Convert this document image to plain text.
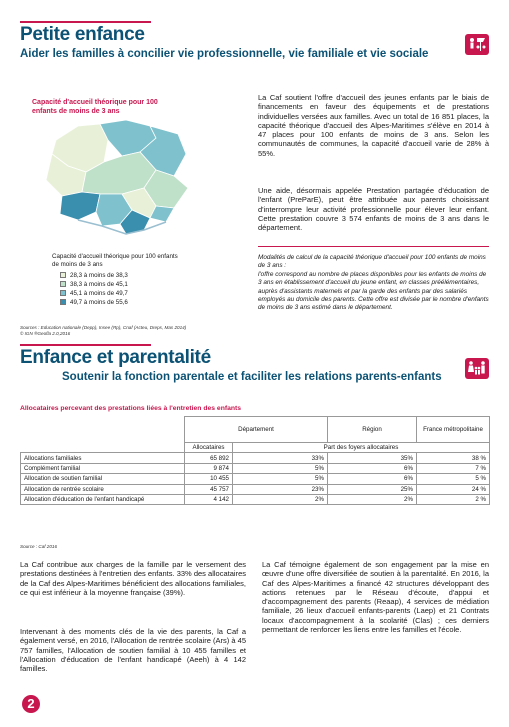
Petite enfance
Aider les familles à concilier vie professionnelle, vie familiale et vie sociale
Capacité d'accueil théorique pour 100 enfants de moins de 3 ans
Capacité d'accueil théorique pour 100 enfants de moins de 3 ans
28,3 à moins de 38,3
38,3 à moins de 45,1
45,1 à moins de 49,7
49,7 à moins de 55,6
Sources : Education nationale (Depp), Insee (Rp), Cnaf (Acteu, Dreps, Mas 2014)
© IGN ®Geofla 2.0,2016
La Caf soutient l'offre d'accueil des jeunes enfants par le biais de financements en faveur des équipements et de prestations individuelles versées aux familles. Avec un total de 16 851 places, la capacité théorique d'accueil des Alpes-Maritimes s'élève en 2014 à 47 places pour 100 enfants de moins de 3 ans. Selon les communautés de communes, la capacité d'accueil varie de 28% à 55%.
Une aide, désormais appelée Prestation partagée d'éducation de l'enfant (PreParE), peut être attribuée aux parents choisissant d'interrompre leur activité professionnelle pour élever leur enfant. Cette prestation couvre 3 574 enfants de moins de 3 ans dans le département.
Modalités de calcul de la capacité théorique d'accueil pour 100 enfants de moins de 3 ans :
l'offre correspond au nombre de places disponibles pour les enfants de moins de 3 ans en établissement d'accueil du jeune enfant, en classes préélémentaires, auprès d'assistants maternels et par la garde des enfants par des salariés employés au domicile des parents. Cette offre est divisée par le nombre d'enfants de moins de 3 ans estimé dans le département.
Enfance et parentalité
Soutenir la fonction parentale et faciliter les relations parents-enfants
Allocataires percevant des prestations liées à l'entretien des enfants
	Département		Région	France métropolitaine
	Allocataires	Part des foyers allocataires		
Allocations familiales	65 892	33%	35%	38 %
Complément familial	9 874	5%	6%	7 %
Allocation de soutien familial	10 455	5%	6%	5 %
Allocation de rentrée scolaire	45 757	23%	25%	24 %
Allocation d'éducation de l'enfant handicapé	4 142	2%	2%	2 %
Source : Caf 2016
La Caf contribue aux charges de la famille par le versement des prestations destinées à l'entretien des enfants. 33% des allocataires de la Caf des Alpes-Maritimes bénéficient des allocations familiales, ce qui est inférieur à la moyenne française (39%).
Intervenant à des moments clés de la vie des parents, la Caf a également versé, en 2016, l'Allocation de rentrée scolaire (Ars) à 45 757 familles, l'Allocation de soutien familial à 10 455 familles et l'Allocation d'éducation de l'enfant handicapé (Aeeh) à 4 142 familles.
La Caf témoigne également de son engagement par la mise en œuvre d'une offre diversifiée de soutien à la parentalité. En 2016, la Caf des Alpes-Maritimes a financé 42 structures développant des actions retenues par le Réseau d'écoute, d'appui et d'accompagnement des parents (Reaap), 4 services de médiation familiale, 26 lieux d'accueil enfants-parents (Laep) et 21 Contrats locaux d'accompagnement à la scolarité (Clas) ; ces derniers permettant de renforcer les liens entre les familles et l'école.
2
